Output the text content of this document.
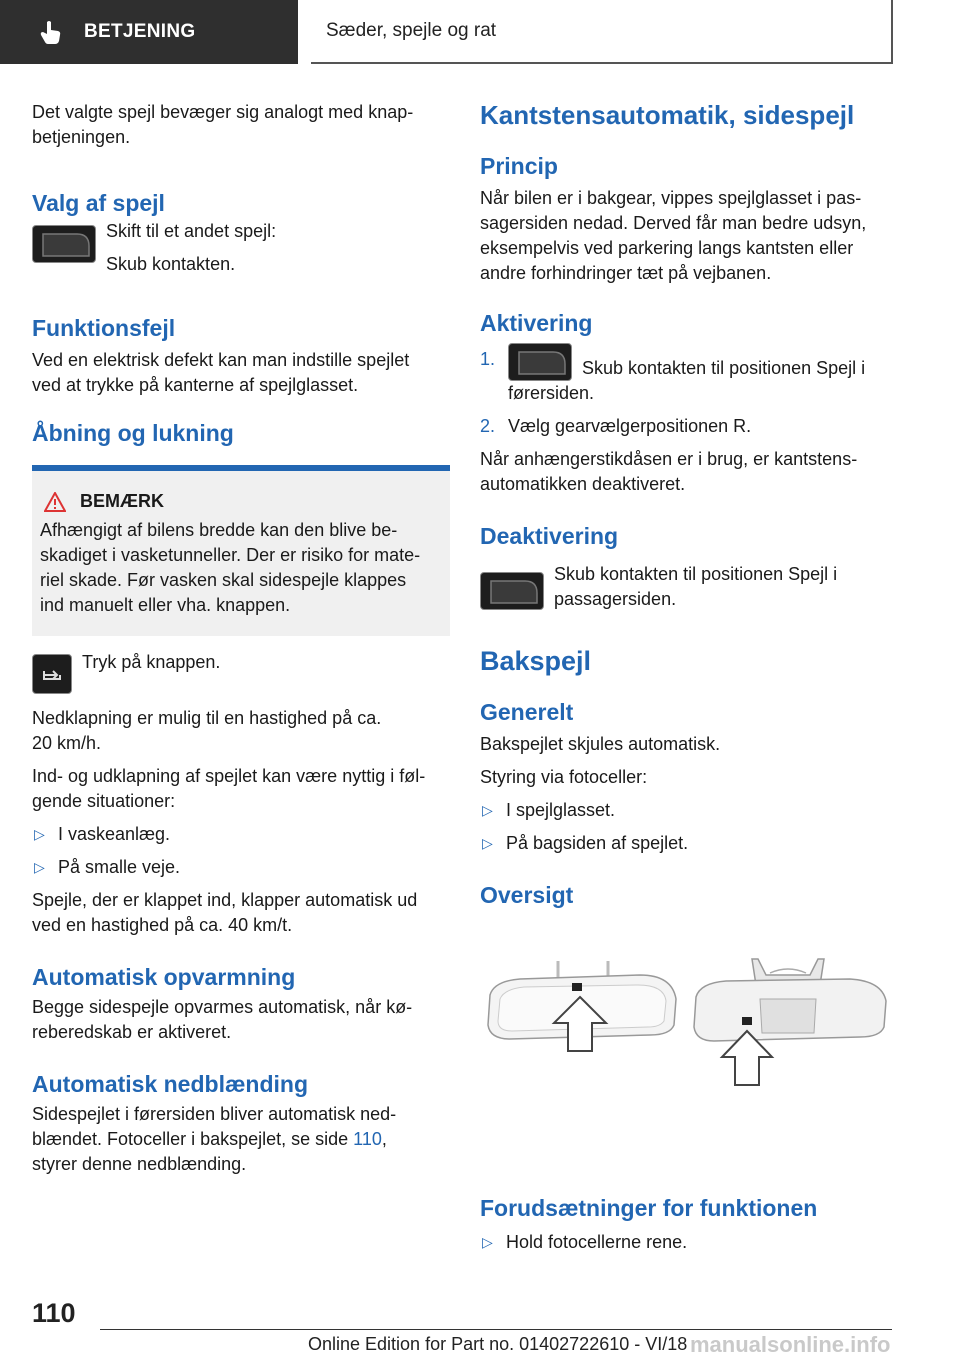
BETJENING	Sæder, spejle og rat

Det valgte spejl bevæger sig analogt med knap-

betjeningen.

Valg af spejl

Skift til et andet spejl:

Skub kontakten.

Funktionsfejl

Ved en elektrisk defekt kan man indstille spejlet

ved at trykke på kanterne af spejlglasset.

Åbning og lukning
BEMÆRK

Afhængigt af bilens bredde kan den blive be-

skadiget i vasketunneller. Der er risiko for mate-

riel skade. Før vasken skal sidespejle klappes

ind manuelt eller vha. knappen.

Tryk på knappen.

Nedklapning er mulig til en hastighed på ca.

20 km/h.

Ind- og udklapning af spejlet kan være nyttig i føl-

gende situationer:

▷ I vaskeanlæg.
▷ På smalle veje.

Spejle, der er klappet ind, klapper automatisk ud

ved en hastighed på ca. 40 km/t.

Automatisk opvarmning

Begge sidespejle opvarmes automatisk, når kø-

reberedskab er aktiveret.

Automatisk nedblænding

Sidespejlet i førersiden bliver automatisk ned-

blændet. Fotoceller i bakspejlet, se side 110,

styrer denne nedblænding.

Kantstensautomatik, sidespejl
Princip

Når bilen er i bakgear, vippes spejlglasset i pas-

sagersiden nedad. Derved får man bedre udsyn,

eksempelvis ved parkering langs kantsten eller

andre forhindringer tæt på vejbanen.

Aktivering
1.	Skub kontakten til positionen Spejl i
førersiden.
2. Vælg gearvælgerpositionen R.

Når anhængerstikdåsen er i brug, er kantstens-

automatikken deaktiveret.

Deaktivering

Skub kontakten til positionen Spejl i

passagersiden.

Bakspejl
Generelt

Bakspejlet skjules automatisk.

Styring via fotoceller:

▷ I spejlglasset.
▷ På bagsiden af spejlet.
Oversigt
Forudsætninger for funktionen
▷ Hold fotocellerne rene.
110
Online Edition for Part no. 01402722610 - VI/18 manualsonline.info
